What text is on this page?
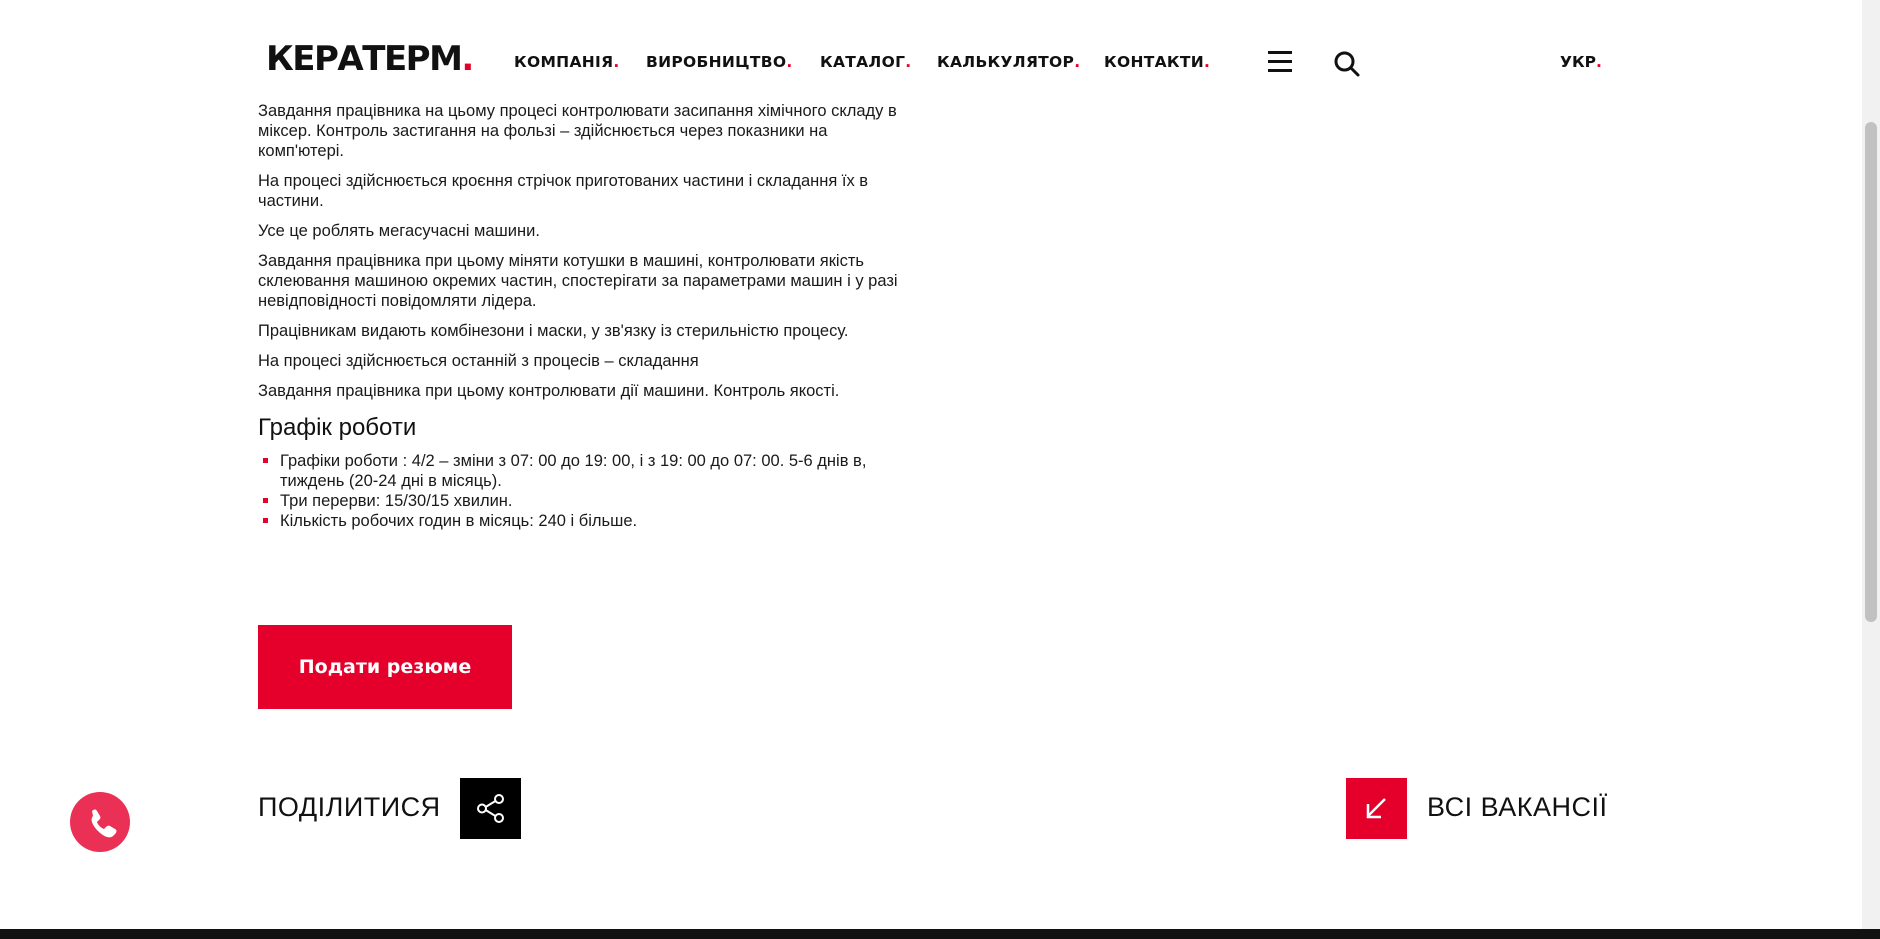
КЕРАТЕРМ.	КОМПАНІЯ. ВИРОБНИЦТВО. КАТАЛОГ. КАЛЬКУЛЯТОР. КОНТАКТИ.	УКР.

Завдання працівника на цьому процесі контролювати засипання хімічного складу в міксер. Контроль застигання на фользі – здійснюється через показники на комп'ютері.

На процесі здійснюється кроєння стрічок приготованих частини і складання їх в частини.

Усе це роблять мегасучасні машини.

Завдання працівника при цьому міняти котушки в машині, контролювати якість склеювання машиною окремих частин, спостерігати за параметрами машин і у разі невідповідності повідомляти лідера.

Працівникам видають комбінезони і маски, у зв'язку із стерильністю процесу.

На процесі здійснюється останній з процесів – складання

Завдання працівника при цьому контролювати дії машини. Контроль якості.

Графік роботи
Графіки роботи : 4/2 – зміни з 07: 00 до 19: 00, і з 19: 00 до 07: 00. 5-6 днів в, тиждень (20-24 дні в місяць).
Три перерви: 15/30/15 хвилин.
Кількість робочих годин в місяць: 240 і більше.
Подати резюме
ПОДІЛИТИСЯ	ВСІ ВАКАНСІЇ
